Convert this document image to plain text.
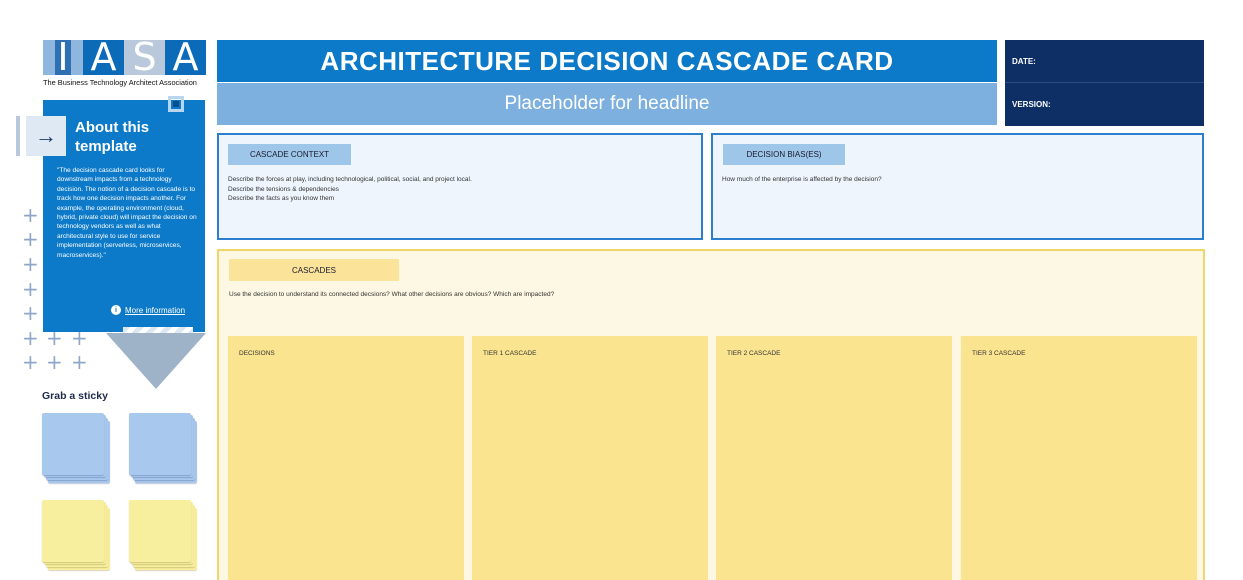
I A S A
The Business Technology Architect Association
About this template
"The decision cascade card looks for downstream impacts from a technology decision. The notion of a decision cascade is to track how one decision impacts another. For example, the operating environment (cloud, hybrid, private cloud) will impact the decision on technology vendors as well as what architectural style to use for service implementation (serverless, microservices, macroservices)."
i	More information
→
+
+
+
+
+
+ + +
+ + +
Grab a sticky
ARCHITECTURE DECISION CASCADE CARD
Placeholder for headline
DATE:
VERSION:
CASCADE CONTEXT
Describe the forces at play, including technological, political, social, and project local.
Describe the tensions & dependencies
Describe the facts as you know them
DECISION BIAS(ES)
How much of the enterprise is affected by the decision?
CASCADES
Use the decision to understand its connected decsions? What other decisions are obvious? Which are impacted?
DECISIONS	TIER 1 CASCADE	TIER 2 CASCADE	TIER 3 CASCADE
